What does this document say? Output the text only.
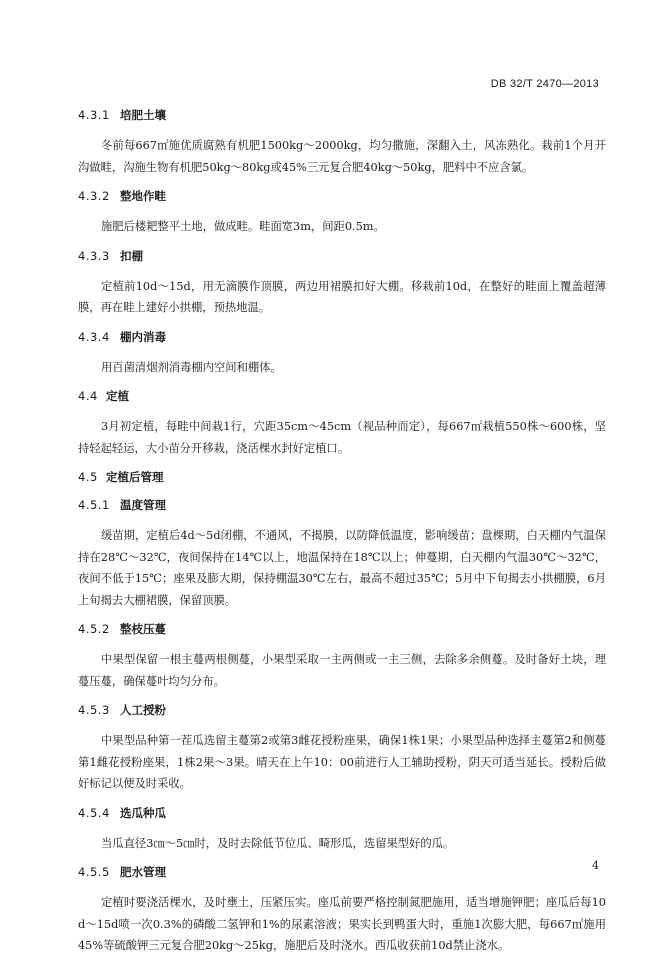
DB 32/T 2470—2013
4.3.1 培肥土壤

冬前每667㎡施优质腐熟有机肥1500kg～2000kg，均匀撒施，深翻入土，风冻熟化。栽前1个月开沟做畦，沟施生物有机肥50kg～80kg或45%三元复合肥40kg～50kg，肥料中不应含氯。

4.3.2 整地作畦

施肥后楼耙整平土地，做成畦。畦面宽3m，间距0.5m。

4.3.3 扣棚

定植前10d～15d，用无滴膜作顶膜，两边用裙膜扣好大棚。移栽前10d，在整好的畦面上覆盖超薄膜，再在畦上建好小拱棚，预热地温。

4.3.4 棚内消毒

用百菌清烟剂消毒棚内空间和棚体。

4.4 定植

3月初定植，每畦中间栽1行，穴距35cm～45cm（视品种而定），每667㎡栽植550株～600株，坚持轻起轻运，大小苗分开移栽，浇活棵水封好定植口。

4.5 定植后管理
4.5.1 温度管理

缓苗期，定植后4d～5d闭棚，不通风，不揭膜，以防降低温度，影响缓苗；盘棵期，白天棚内气温保持在28℃～32℃，夜间保持在14℃以上，地温保持在18℃以上；伸蔓期，白天棚内气温30℃～32℃，夜间不低于15℃；座果及膨大期，保持棚温30℃左右，最高不超过35℃；5月中下旬揭去小拱棚膜，6月上旬揭去大棚裙膜，保留顶膜。

4.5.2 整枝压蔓

中果型保留一根主蔓两根侧蔓，小果型采取一主两侧或一主三侧，去除多余侧蔓。及时备好土块，理蔓压蔓，确保蔓叶均匀分布。

4.5.3 人工授粉

中果型品种第一茬瓜选留主蔓第2或第3雌花授粉座果，确保1株1果；小果型品种选择主蔓第2和侧蔓第1雌花授粉座果，1株2果～3果。晴天在上午10：00前进行人工辅助授粉，阴天可适当延长。授粉后做好标记以便及时采收。

4.5.4 选瓜种瓜

当瓜直径3㎝～5㎝时，及时去除低节位瓜、畸形瓜，选留果型好的瓜。

4.5.5 肥水管理

定植时要浇活棵水，及时壅土，压紧压实。座瓜前要严格控制氮肥施用，适当增施钾肥；座瓜后每10d～15d喷一次0.3%的磷酸二氢钾和1%的尿素溶液；果实长到鸭蛋大时，重施1次膨大肥，每667㎡施用45%等硫酸钾三元复合肥20kg～25kg，施肥后及时浇水。西瓜收获前10d禁止浇水。

4
